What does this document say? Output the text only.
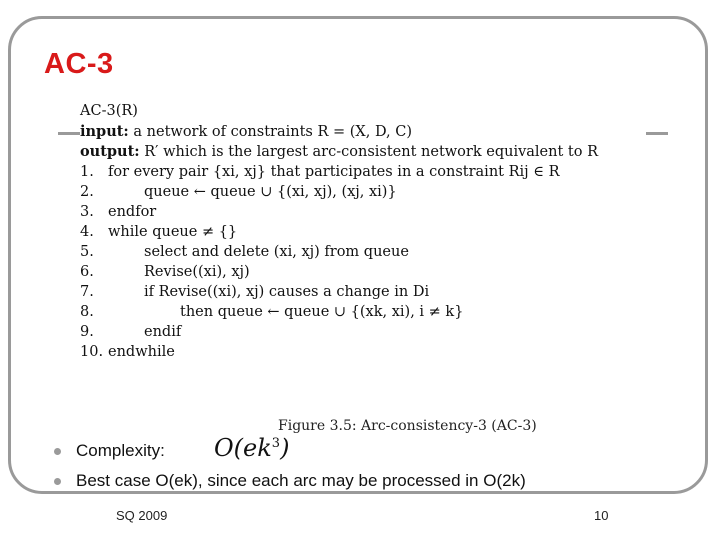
AC-3
AC-3(R)
input: a network of constraints R = (X, D, C)
output: R′ which is the largest arc-consistent network equivalent to R
1. for every pair {xi, xj} that participates in a constraint Rij ∈ R
2.	queue ← queue ∪ {(xi, xj), (xj, xi)}
3. endfor
4. while queue ≠ {}
5.	select and delete (xi, xj) from queue
6.	Revise((xi), xj)
7.	if Revise((xi), xj) causes a change in Di
8.	then queue ← queue ∪ {(xk, xi), i ≠ k}
9.	endif
10. endwhile
Figure 3.5: Arc-consistency-3 (AC-3)
Complexity:
Best case O(ek), since each arc may be processed in O(2k)
$O(ek^3)$
SQ 2009	10
